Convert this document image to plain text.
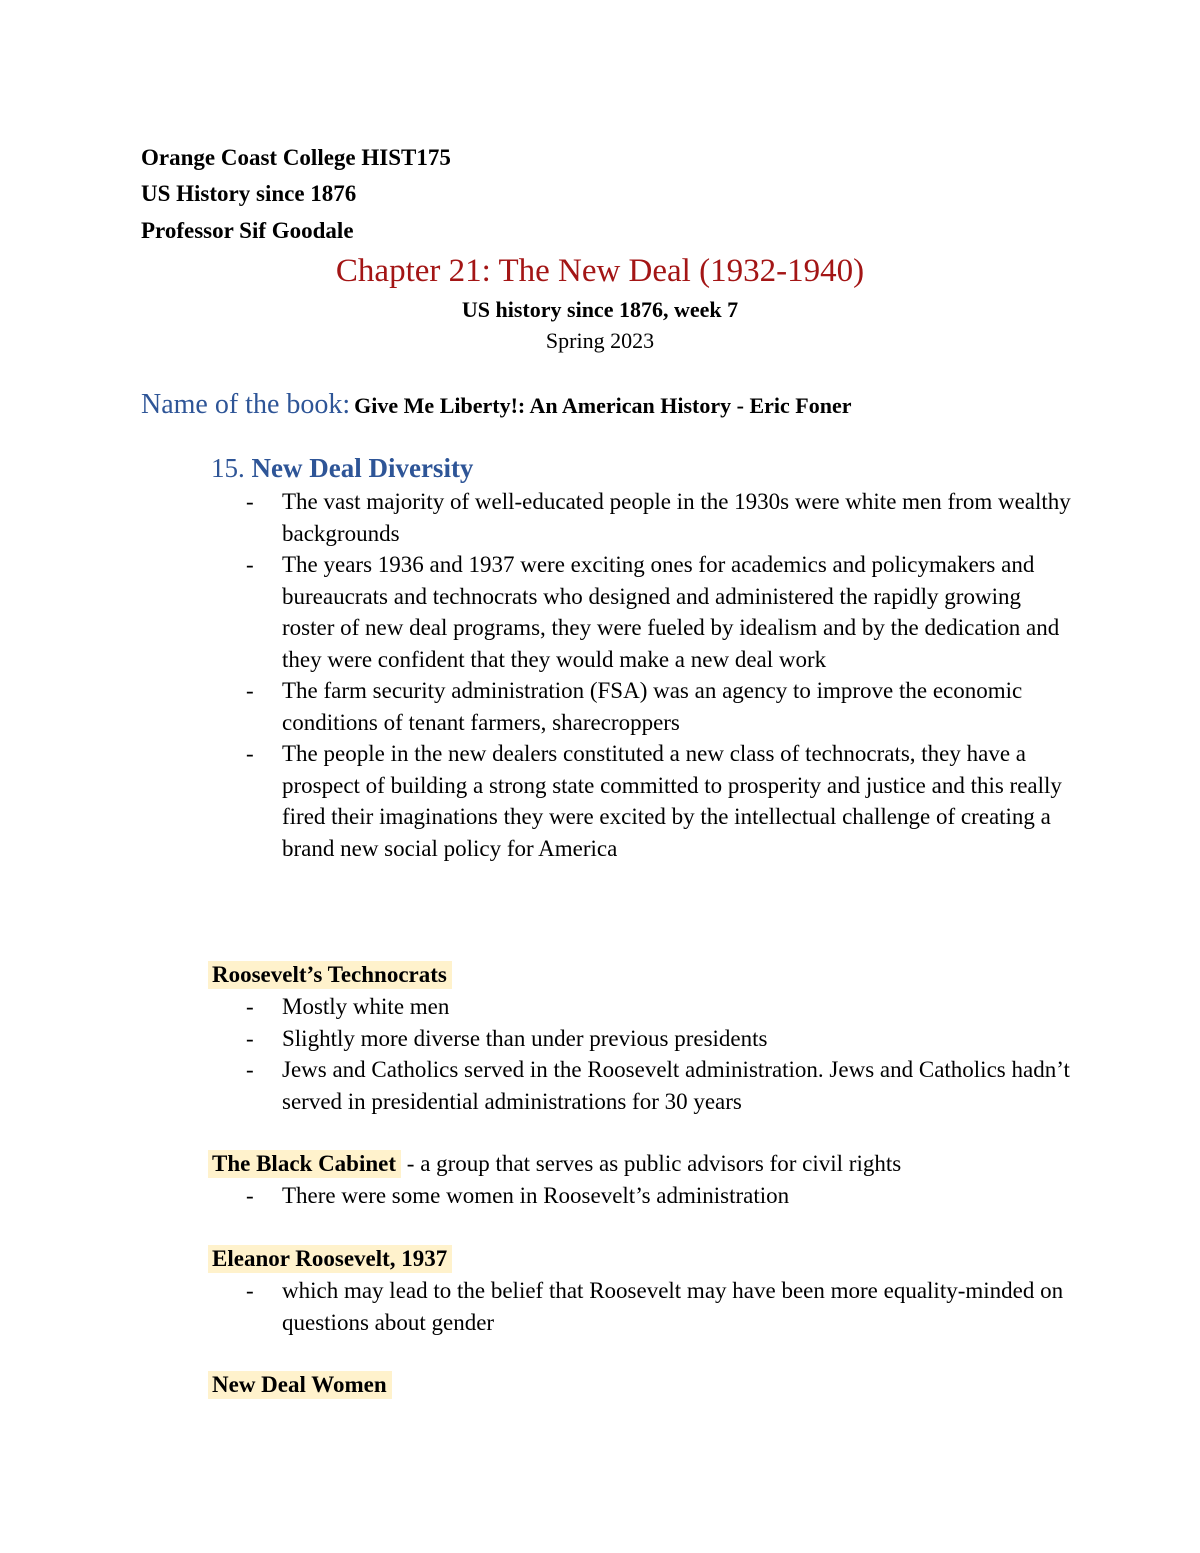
Orange Coast College HIST175
US History since 1876
Professor Sif Goodale
Chapter 21: The New Deal (1932-1940)
US history since 1876, week 7
Spring 2023
Name of the book: Give Me Liberty!: An American History - Eric Foner
15. New Deal Diversity
- The vast majority of well-educated people in the 1930s were white men from wealthy backgrounds
- The years 1936 and 1937 were exciting ones for academics and policymakers and bureaucrats and technocrats who designed and administered the rapidly growing roster of new deal programs, they were fueled by idealism and by the dedication and they were confident that they would make a new deal work
- The farm security administration (FSA) was an agency to improve the economic conditions of tenant farmers, sharecroppers
- The people in the new dealers constituted a new class of technocrats, they have a prospect of building a strong state committed to prosperity and justice and this really fired their imaginations they were excited by the intellectual challenge of creating a brand new social policy for America
Roosevelt’s Technocrats
- Mostly white men
- Slightly more diverse than under previous presidents
- Jews and Catholics served in the Roosevelt administration. Jews and Catholics hadn’t served in presidential administrations for 30 years
The Black Cabinet - a group that serves as public advisors for civil rights
- There were some women in Roosevelt’s administration
Eleanor Roosevelt, 1937
- which may lead to the belief that Roosevelt may have been more equality-minded on questions about gender
New Deal Women
